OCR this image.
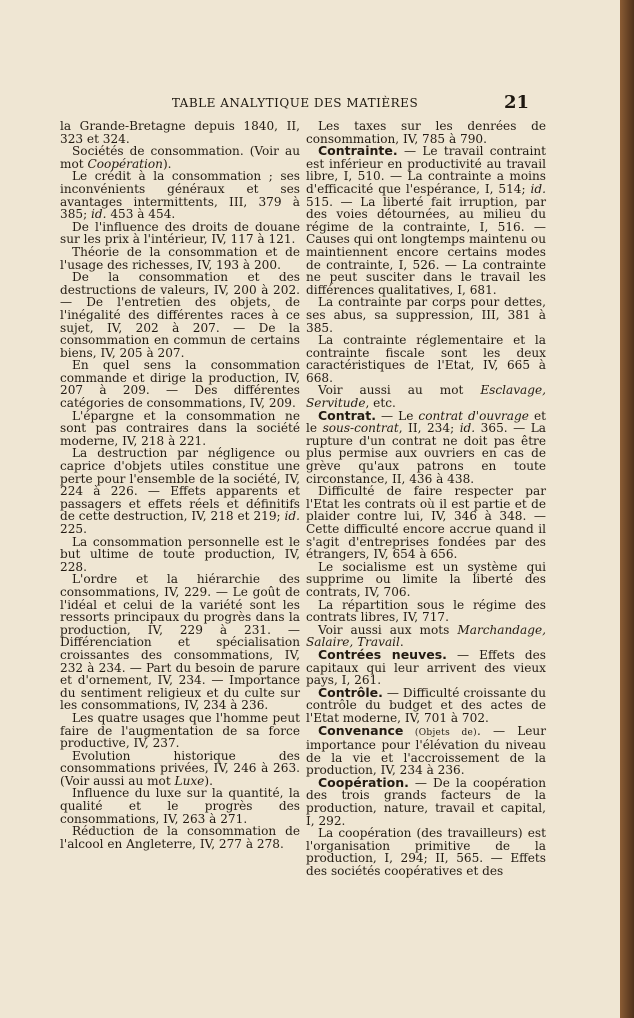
TABLE ANALYTIQUE DES MATIÈRES	21

la Grande-Bretagne depuis 1840, II, 323 et 324.

Sociétés de consommation. (Voir au mot Coopération).

Le crédit à la consommation ; ses inconvénients généraux et ses avantages intermittents, III, 379 à 385; id. 453 à 454.

De l'influence des droits de douane sur les prix à l'intérieur, IV, 117 à 121.

Théorie de la consommation et de l'usage des richesses, IV, 193 à 200.

De la consommation et des destructions de valeurs, IV, 200 à 202. — De l'entretien des objets, de l'inégalité des différentes races à ce sujet, IV, 202 à 207. — De la consommation en commun de certains biens, IV, 205 à 207.

En quel sens la consommation commande et dirige la production, IV, 207 à 209. — Des différentes catégories de consommations, IV, 209.

L'épargne et la consommation ne sont pas contraires dans la société moderne, IV, 218 à 221.

La destruction par négligence ou caprice d'objets utiles constitue une perte pour l'ensemble de la société, IV, 224 à 226. — Effets apparents et passagers et effets réels et définitifs de cette destruction, IV, 218 et 219; id. 225.

La consommation personnelle est le but ultime de toute production, IV, 228.

L'ordre et la hiérarchie des consommations, IV, 229. — Le goût de l'idéal et celui de la variété sont les ressorts principaux du progrès dans la production, IV, 229 à 231. — Différenciation et spécialisation croissantes des consommations, IV, 232 à 234. — Part du besoin de parure et d'ornement, IV, 234. — Importance du sentiment religieux et du culte sur les consommations, IV, 234 à 236.

Les quatre usages que l'homme peut faire de l'augmentation de sa force productive, IV, 237.

Evolution historique des consommations privées, IV, 246 à 263. (Voir aussi au mot Luxe).

Influence du luxe sur la quantité, la qualité et le progrès des consommations, IV, 263 à 271.

Réduction de la consommation de l'alcool en Angleterre, IV, 277 à 278.

Les taxes sur les denrées de consommation, IV, 785 à 790.

Contrainte. — Le travail contraint est inférieur en productivité au travail libre, I, 510. — La contrainte a moins d'efficacité que l'espérance, I, 514; id. 515. — La liberté fait irruption, par des voies détournées, au milieu du régime de la contrainte, I, 516. — Causes qui ont longtemps maintenu ou maintiennent encore certains modes de contrainte, I, 526. — La contrainte ne peut susciter dans le travail les différences qualitatives, I, 681.

La contrainte par corps pour dettes, ses abus, sa suppression, III, 381 à 385.

La contrainte réglementaire et la contrainte fiscale sont les deux caractéristiques de l'Etat, IV, 665 à 668.

Voir aussi au mot Esclavage, Servitude, etc.

Contrat. — Le contrat d'ouvrage et le sous-contrat, II, 234; id. 365. — La rupture d'un contrat ne doit pas être plus permise aux ouvriers en cas de grève qu'aux patrons en toute circonstance, II, 436 à 438.

Difficulté de faire respecter par l'Etat les contrats où il est partie et de plaider contre lui, IV, 346 à 348. — Cette difficulté encore accrue quand il s'agit d'entreprises fondées par des étrangers, IV, 654 à 656.

Le socialisme est un système qui supprime ou limite la liberté des contrats, IV, 706.

La répartition sous le régime des contrats libres, IV, 717.

Voir aussi aux mots Marchandage, Salaire, Travail.

Contrées neuves. — Effets des capitaux qui leur arrivent des vieux pays, I, 261.

Contrôle. — Difficulté croissante du contrôle du budget et des actes de l'Etat moderne, IV, 701 à 702.

Convenance (Objets de). — Leur importance pour l'élévation du niveau de la vie et l'accroissement de la production, IV, 234 à 236.

Coopération. — De la coopération des trois grands facteurs de la production, nature, travail et capital, I, 292.

La coopération (des travailleurs) est l'organisation primitive de la production, I, 294; II, 565. — Effets des sociétés coopératives et des
